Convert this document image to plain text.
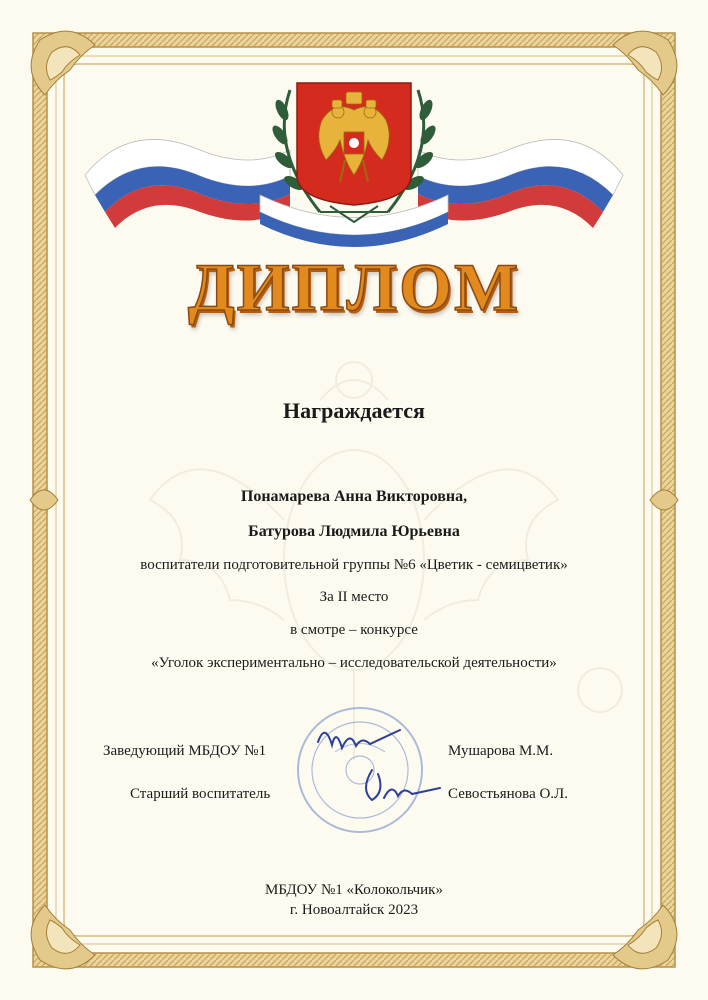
ДИПЛОМ
Награждается
Понамарева Анна Викторовна,
Батурова Людмила Юрьевна
воспитатели подготовительной группы №6 «Цветик - семицветик»
За II место
в смотре – конкурсе
«Уголок экспериментально – исследовательской деятельности»
Заведующий МБДОУ №1	Мушарова М.М.
Старший воспитатель	Севостьянова О.Л.
МБДОУ №1 «Колокольчик»
г. Новоалтайск 2023
